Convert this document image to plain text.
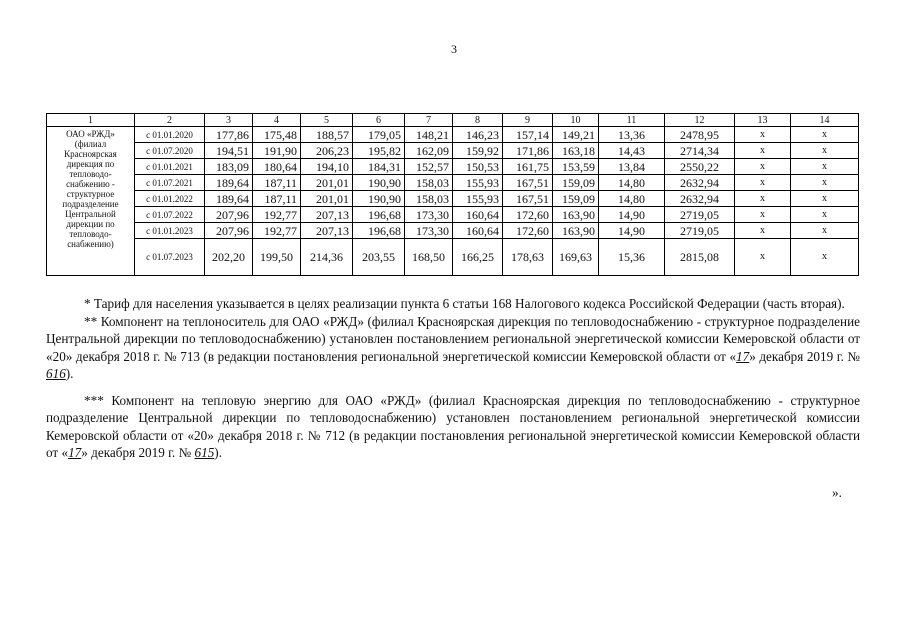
3
1	2	3	4	5	6	7	8	9	10	11	12	13	14
ОАО «РЖД» (филиал Красноярская дирекция по тепловодо-снабжению - структурное подразделение Центральной дирекции по тепловодо-снабжению)	с 01.01.2020	177,86	175,48	188,57	179,05	148,21	146,23	157,14	149,21	13,36	2478,95	x	x
	с 01.07.2020	194,51	191,90	206,23	195,82	162,09	159,92	171,86	163,18	14,43	2714,34	x	x
	с 01.01.2021	183,09	180,64	194,10	184,31	152,57	150,53	161,75	153,59	13,84	2550,22	x	x
	с 01.07.2021	189,64	187,11	201,01	190,90	158,03	155,93	167,51	159,09	14,80	2632,94	x	x
	с 01.01.2022	189,64	187,11	201,01	190,90	158,03	155,93	167,51	159,09	14,80	2632,94	x	x
	с 01.07.2022	207,96	192,77	207,13	196,68	173,30	160,64	172,60	163,90	14,90	2719,05	x	x
	с 01.01.2023	207,96	192,77	207,13	196,68	173,30	160,64	172,60	163,90	14,90	2719,05	x	x
	с 01.07.2023	202,20	199,50	214,36	203,55	168,50	166,25	178,63	169,63	15,36	2815,08	x	x

* Тариф для населения указывается в целях реализации пункта 6 статьи 168 Налогового кодекса Российской Федерации (часть вторая).

** Компонент на теплоноситель для ОАО «РЖД» (филиал Красноярская дирекция по тепловодоснабжению - структурное подразделение Центральной дирекции по тепловодоснабжению) установлен постановлением региональной энергетической комиссии Кемеровской области от «20» декабря 2018 г. № 713 (в редакции постановления региональной энергетической комиссии Кемеровской области от «17» декабря 2019 г. № 616).

*** Компонент на тепловую энергию для ОАО «РЖД» (филиал Красноярская дирекция по тепловодоснабжению - структурное подразделение Центральной дирекции по тепловодоснабжению) установлен постановлением региональной энергетической комиссии Кемеровской области от «20» декабря 2018 г. № 712 (в редакции постановления региональной энергетической комиссии Кемеровской области от «17» декабря 2019 г. № 615).

».
